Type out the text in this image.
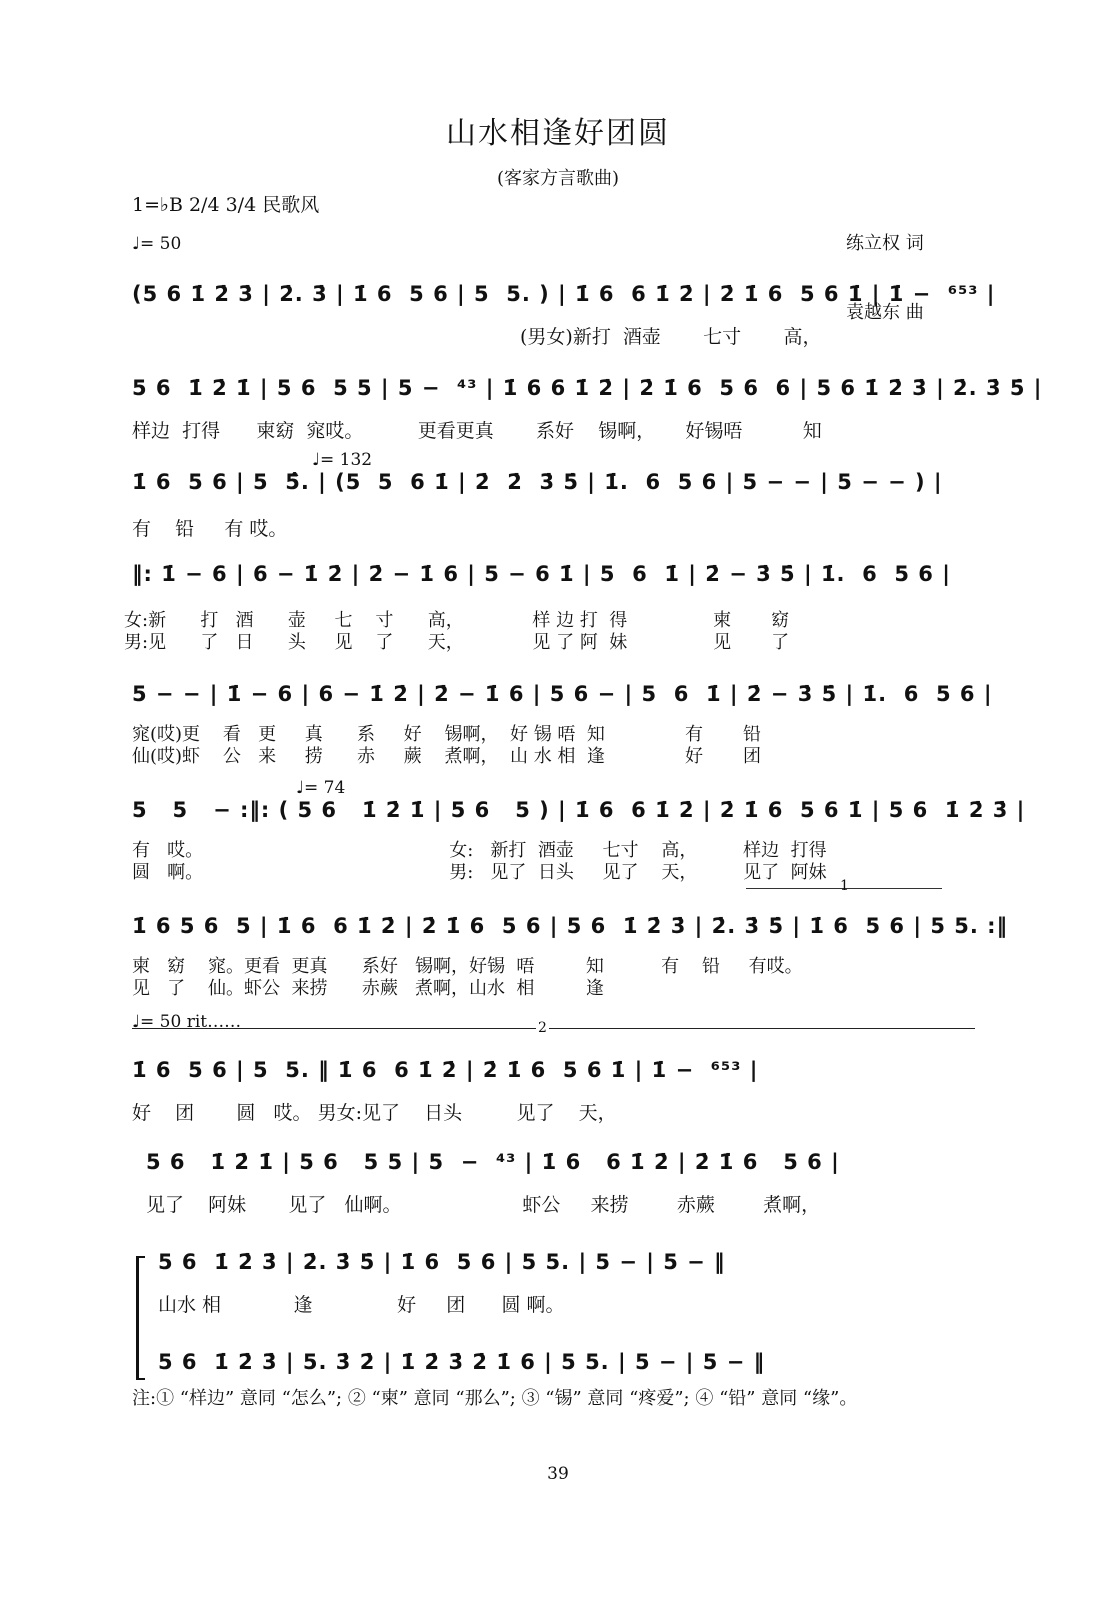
山水相逢好团圆
(客家方言歌曲)
1=♭B 2/4 3/4 民歌风

练立权 词

袁越东 曲

♩= 50
(5 6 1̇ 2̇ 3̇ | 2̇. 3̇ | 1̇ 6  5 6 | 5  5. ) | 1̇ 6  6 1̇ 2̇ | 2̇ 1̇ 6  5 6 1̇ | 1̇ −  ⁶⁵³ |
(男女)新打  酒壶       七寸       高，
5 6  1̇ 2̇ 1̇ | 5 6  5 5 | 5 −  ⁴³ | 1̇ 6 6 1̇ 2̇ | 2̇ 1̇ 6  5 6  6 | 5 6 1̇ 2̇ 3̇ | 2̇. 3̇ 5̇ |
样边  打得      柬窈  窕哎。         更看更真       系好    锡啊，     好锡唔          知
♩= 132
1̇ 6  5 6 | 5  5̂. | (5  5  6 1̇ | 2̇  2̇  3̇ 5̇ | 1̇.  6  5 6 | 5 − − | 5 − − ) |
有    铅     有 哎。
‖: 1̇ − 6 | 6 − 1̇ 2̇ | 2̇ − 1̇ 6 | 5 − 6 1̇ | 5  6  1̇ | 2̇ − 3̇ 5̇ | 1̇.  6  5 6 |
女:新      打   酒      壶     七    寸      高，            样 边 打  得               柬       窈
男:见      了   日      头     见    了      天，            见 了 阿  妹               见       了
5 − − | 1̇ − 6 | 6 − 1̇ 2̇ | 2̇ − 1̇ 6 | 5 6 − | 5  6  1̇ | 2̇ − 3̇ 5̇ | 1̇.  6  5 6 |
窕(哎)更    看   更     真      系     好    锡啊，  好 锡 唔  知              有       铅
仙(哎)虾    公   来     捞      赤     蕨    煮啊，  山 水 相  逢              好       团
♩= 74
5   5   − :‖: ( 5 6   1̇ 2̇ 1̇ | 5 6   5 ) | 1̇ 6  6 1̇ 2̇ | 2̇ 1̇ 6  5 6 1̇ | 5 6  1̇ 2̇ 3̇ |
有   哎。                                           女:   新打  酒壶     七寸    高，        样边  打得
圆   啊。                                           男:   见了  日头     见了    天，        见了  阿妹
1
1̇ 6 5 6  5 | 1̇ 6  6 1̇ 2̇ | 2̇ 1̇ 6  5 6 | 5 6  1̇ 2̇ 3̇ | 2̇. 3̇ 5̇ | 1̇ 6  5 6 | 5 5. :‖
柬   窈    窕。更看  更真      系好   锡啊，好锡  唔         知          有    铅     有哎。
见   了    仙。虾公  来捞      赤蕨   煮啊，山水  相         逢
♩= 50 rit……	2
1̇ 6  5 6 | 5  5. ‖ 1̇ 6  6 1̇ 2̇ | 2̇ 1̇ 6  5 6 1̇ | 1̇ −  ⁶⁵³ |
好    团       圆   哎。 男女:见了    日头         见了    天，
5 6   1̇ 2̇ 1̇ | 5 6   5 5 | 5  −  ⁴³ | 1̇ 6   6 1̇ 2̇ | 2̇ 1̇ 6   5 6 |
见了    阿妹       见了   仙啊。                    虾公     来捞        赤蕨        煮啊，
5 6  1̇ 2̇ 3̇ | 2̇. 3̇ 5̇ | 1̇ 6  5 6 | 5 5. | 5 − | 5 − ‖
山水 相            逢              好     团      圆 啊。
5 6  1̇ 2̇ 3̇ | 5. 3̇ 2̇ | 1̇ 2̇ 3̇ 2̇ 1̇ 6 | 5 5. | 5 − | 5 − ‖
注:① “样边” 意同 “怎么”; ② “柬” 意同 “那么”; ③ “锡” 意同 “疼爱”; ④ “铅” 意同 “缘”。
39
